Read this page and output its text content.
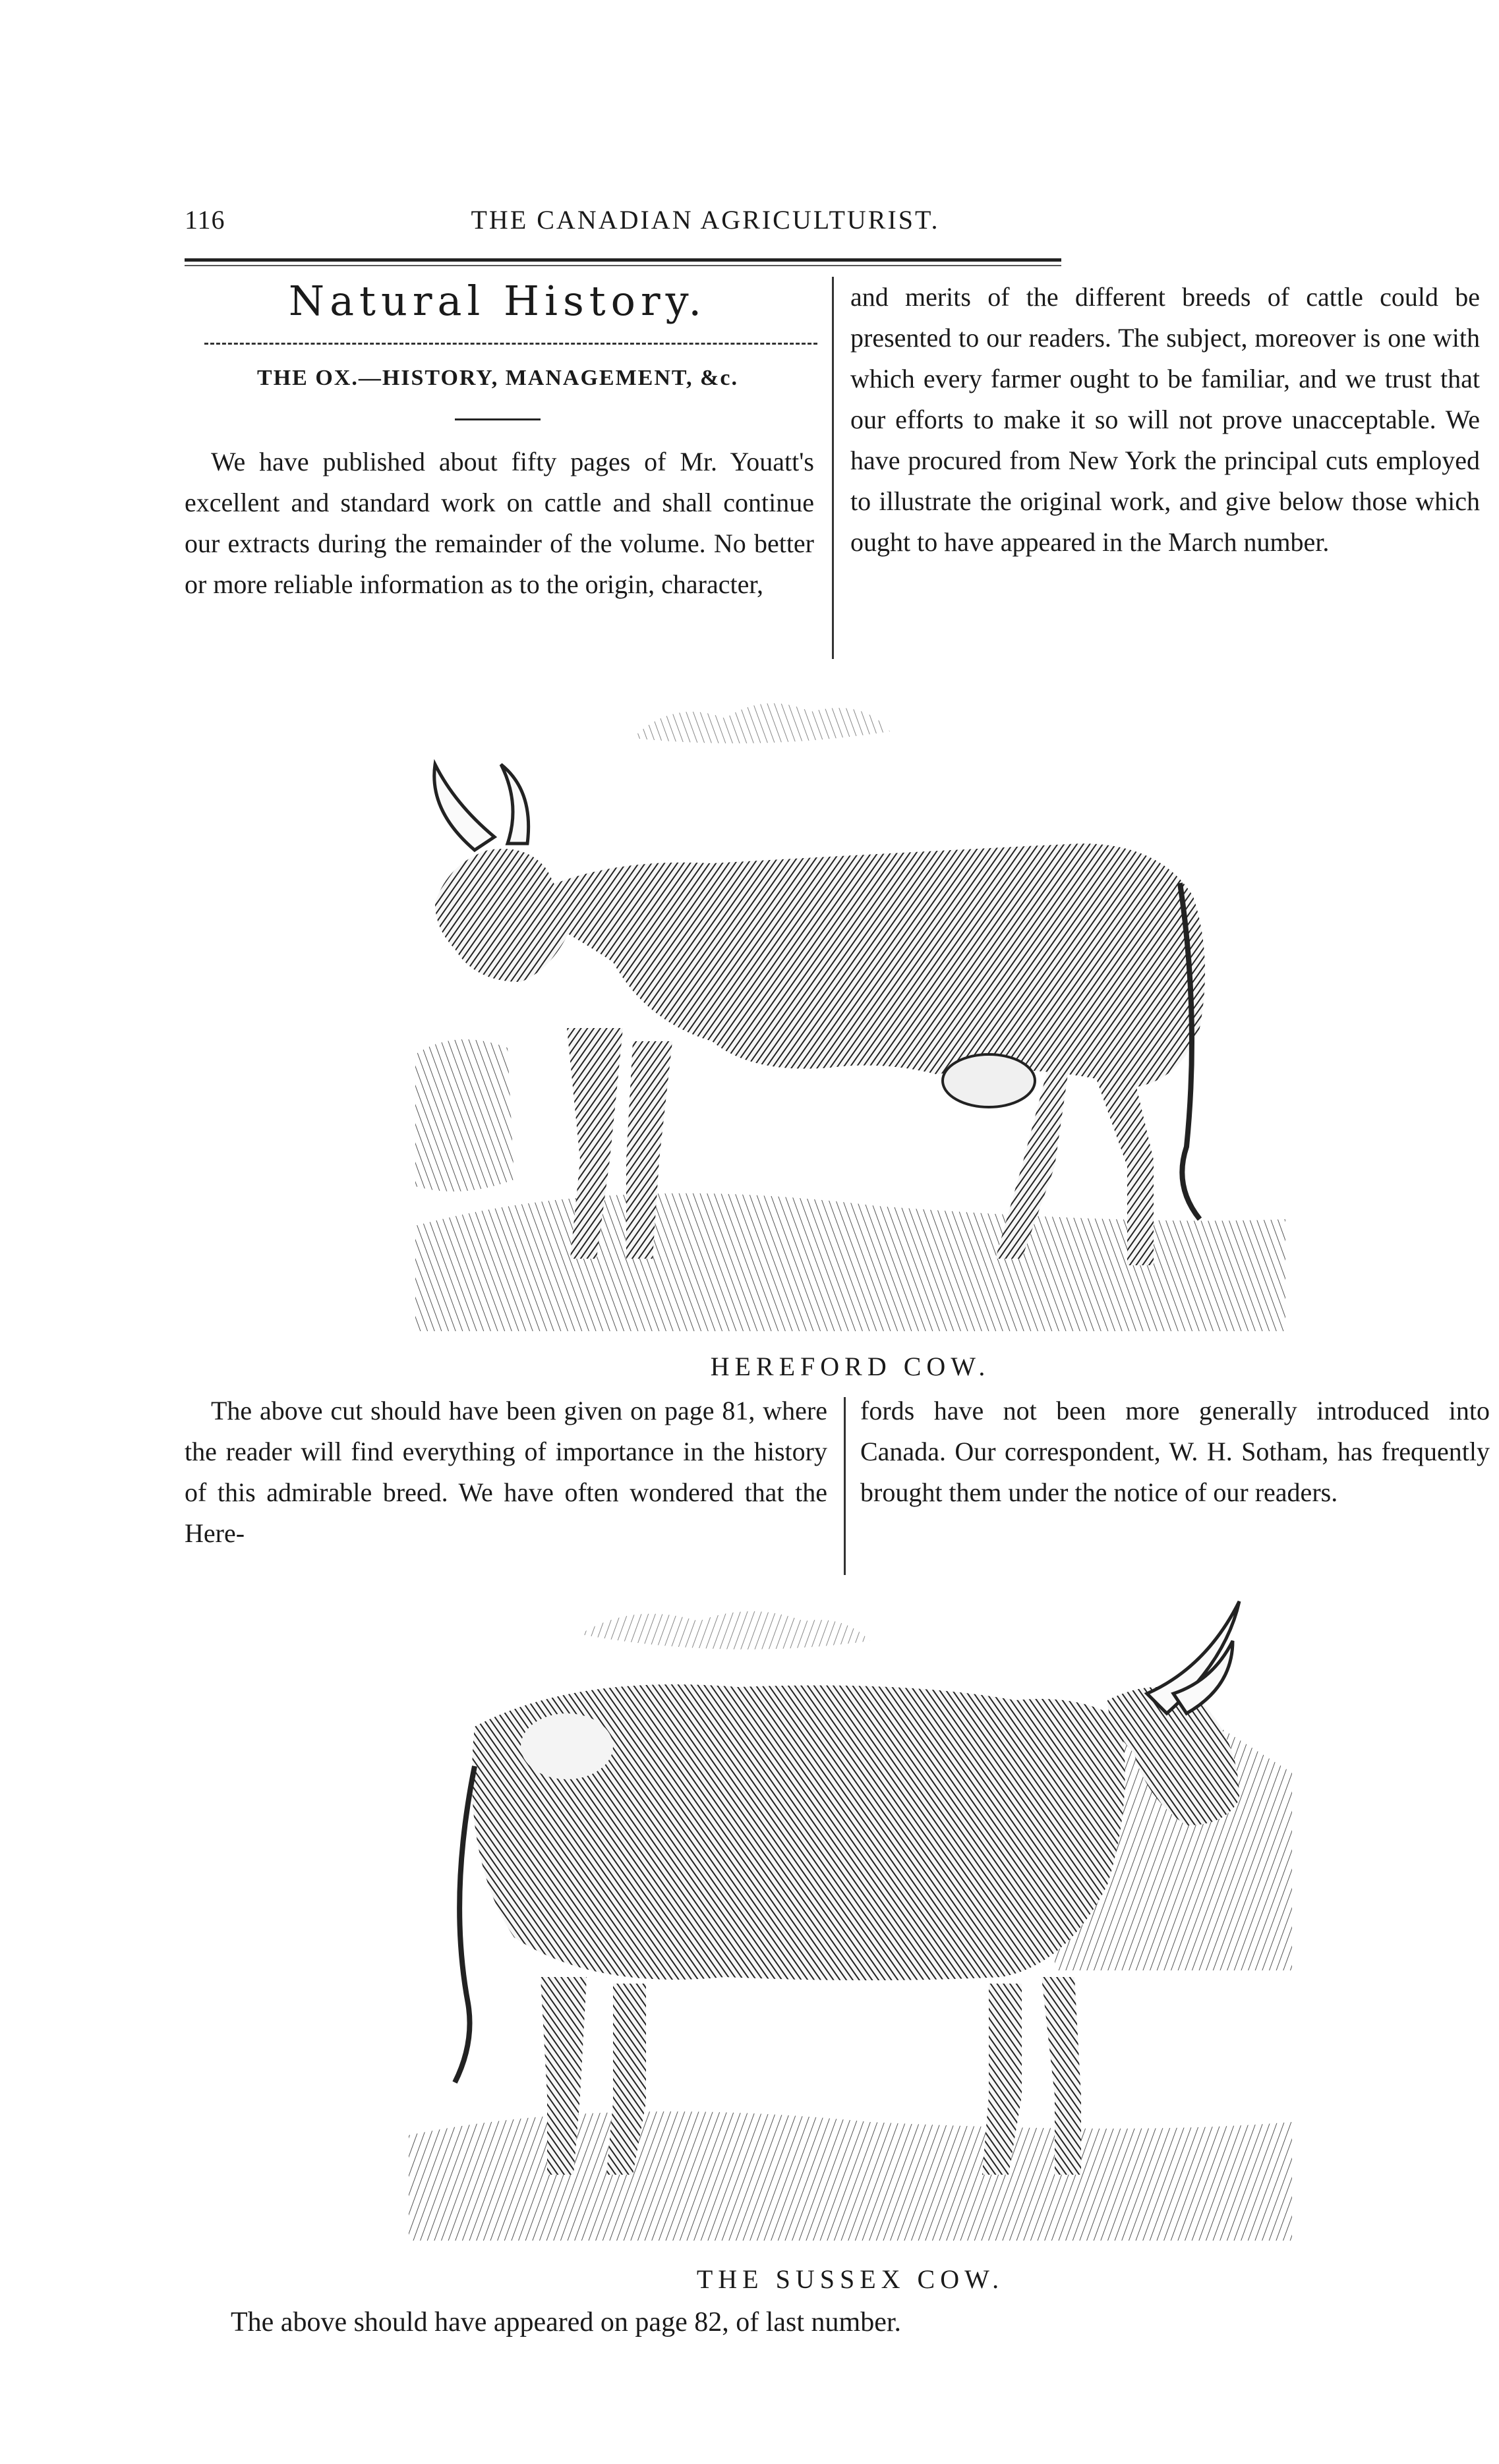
116	THE CANADIAN AGRICULTURIST.
Natural History.
THE OX.—HISTORY, MANAGEMENT, &c.

We have published about fifty pages of Mr. Youatt's excellent and standard work on cattle and shall continue our extracts during the remainder of the volume. No better or more reliable information as to the origin, character,

and merits of the different breeds of cattle could be presented to our readers. The subject, moreover is one with which every farmer ought to be familiar, and we trust that our efforts to make it so will not prove unacceptable. We have procured from New York the principal cuts employed to illustrate the original work, and give below those which ought to have appeared in the March number.

HEREFORD COW.

The above cut should have been given on page 81, where the reader will find everything of importance in the history of this admirable breed. We have often wondered that the Here-

fords have not been more generally introduced into Canada. Our correspondent, W. H. Sotham, has frequently brought them under the notice of our readers.

THE SUSSEX COW.
The above should have appeared on page 82, of last number.
